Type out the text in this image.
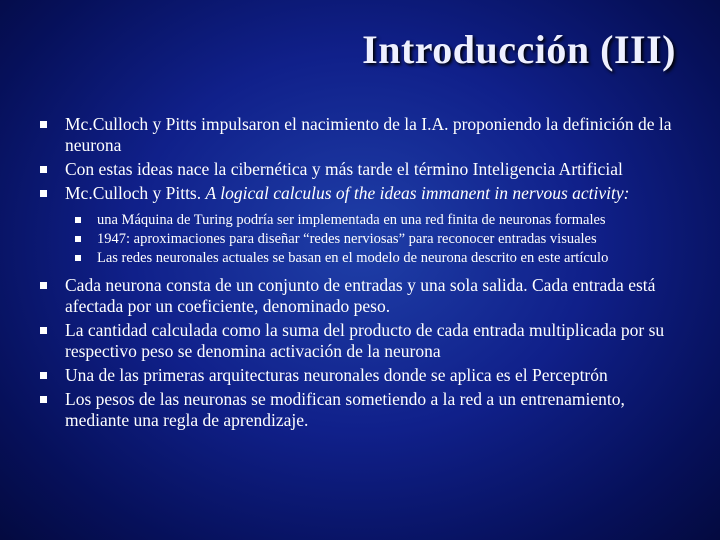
Introducción (III)
Mc.Culloch y Pitts impulsaron el nacimiento de la I.A. proponiendo la definición de la neurona
Con estas ideas nace la cibernética y más tarde el término Inteligencia Artificial
Mc.Culloch y Pitts. A logical calculus of the ideas immanent in nervous activity:
una Máquina de Turing podría ser implementada en una red finita de neuronas formales
1947: aproximaciones para diseñar “redes nerviosas” para reconocer entradas visuales
Las redes neuronales actuales se basan en el modelo de neurona descrito en este artículo
Cada neurona consta de un conjunto de entradas y una sola salida. Cada entrada está afectada por un coeficiente, denominado peso.
La cantidad calculada como la suma del producto de cada entrada multiplicada por su respectivo peso se denomina activación de la neurona
Una de las primeras arquitecturas neuronales donde se aplica es el Perceptrón
Los pesos de las neuronas se modifican sometiendo a la red a un entrenamiento, mediante una regla de aprendizaje.
